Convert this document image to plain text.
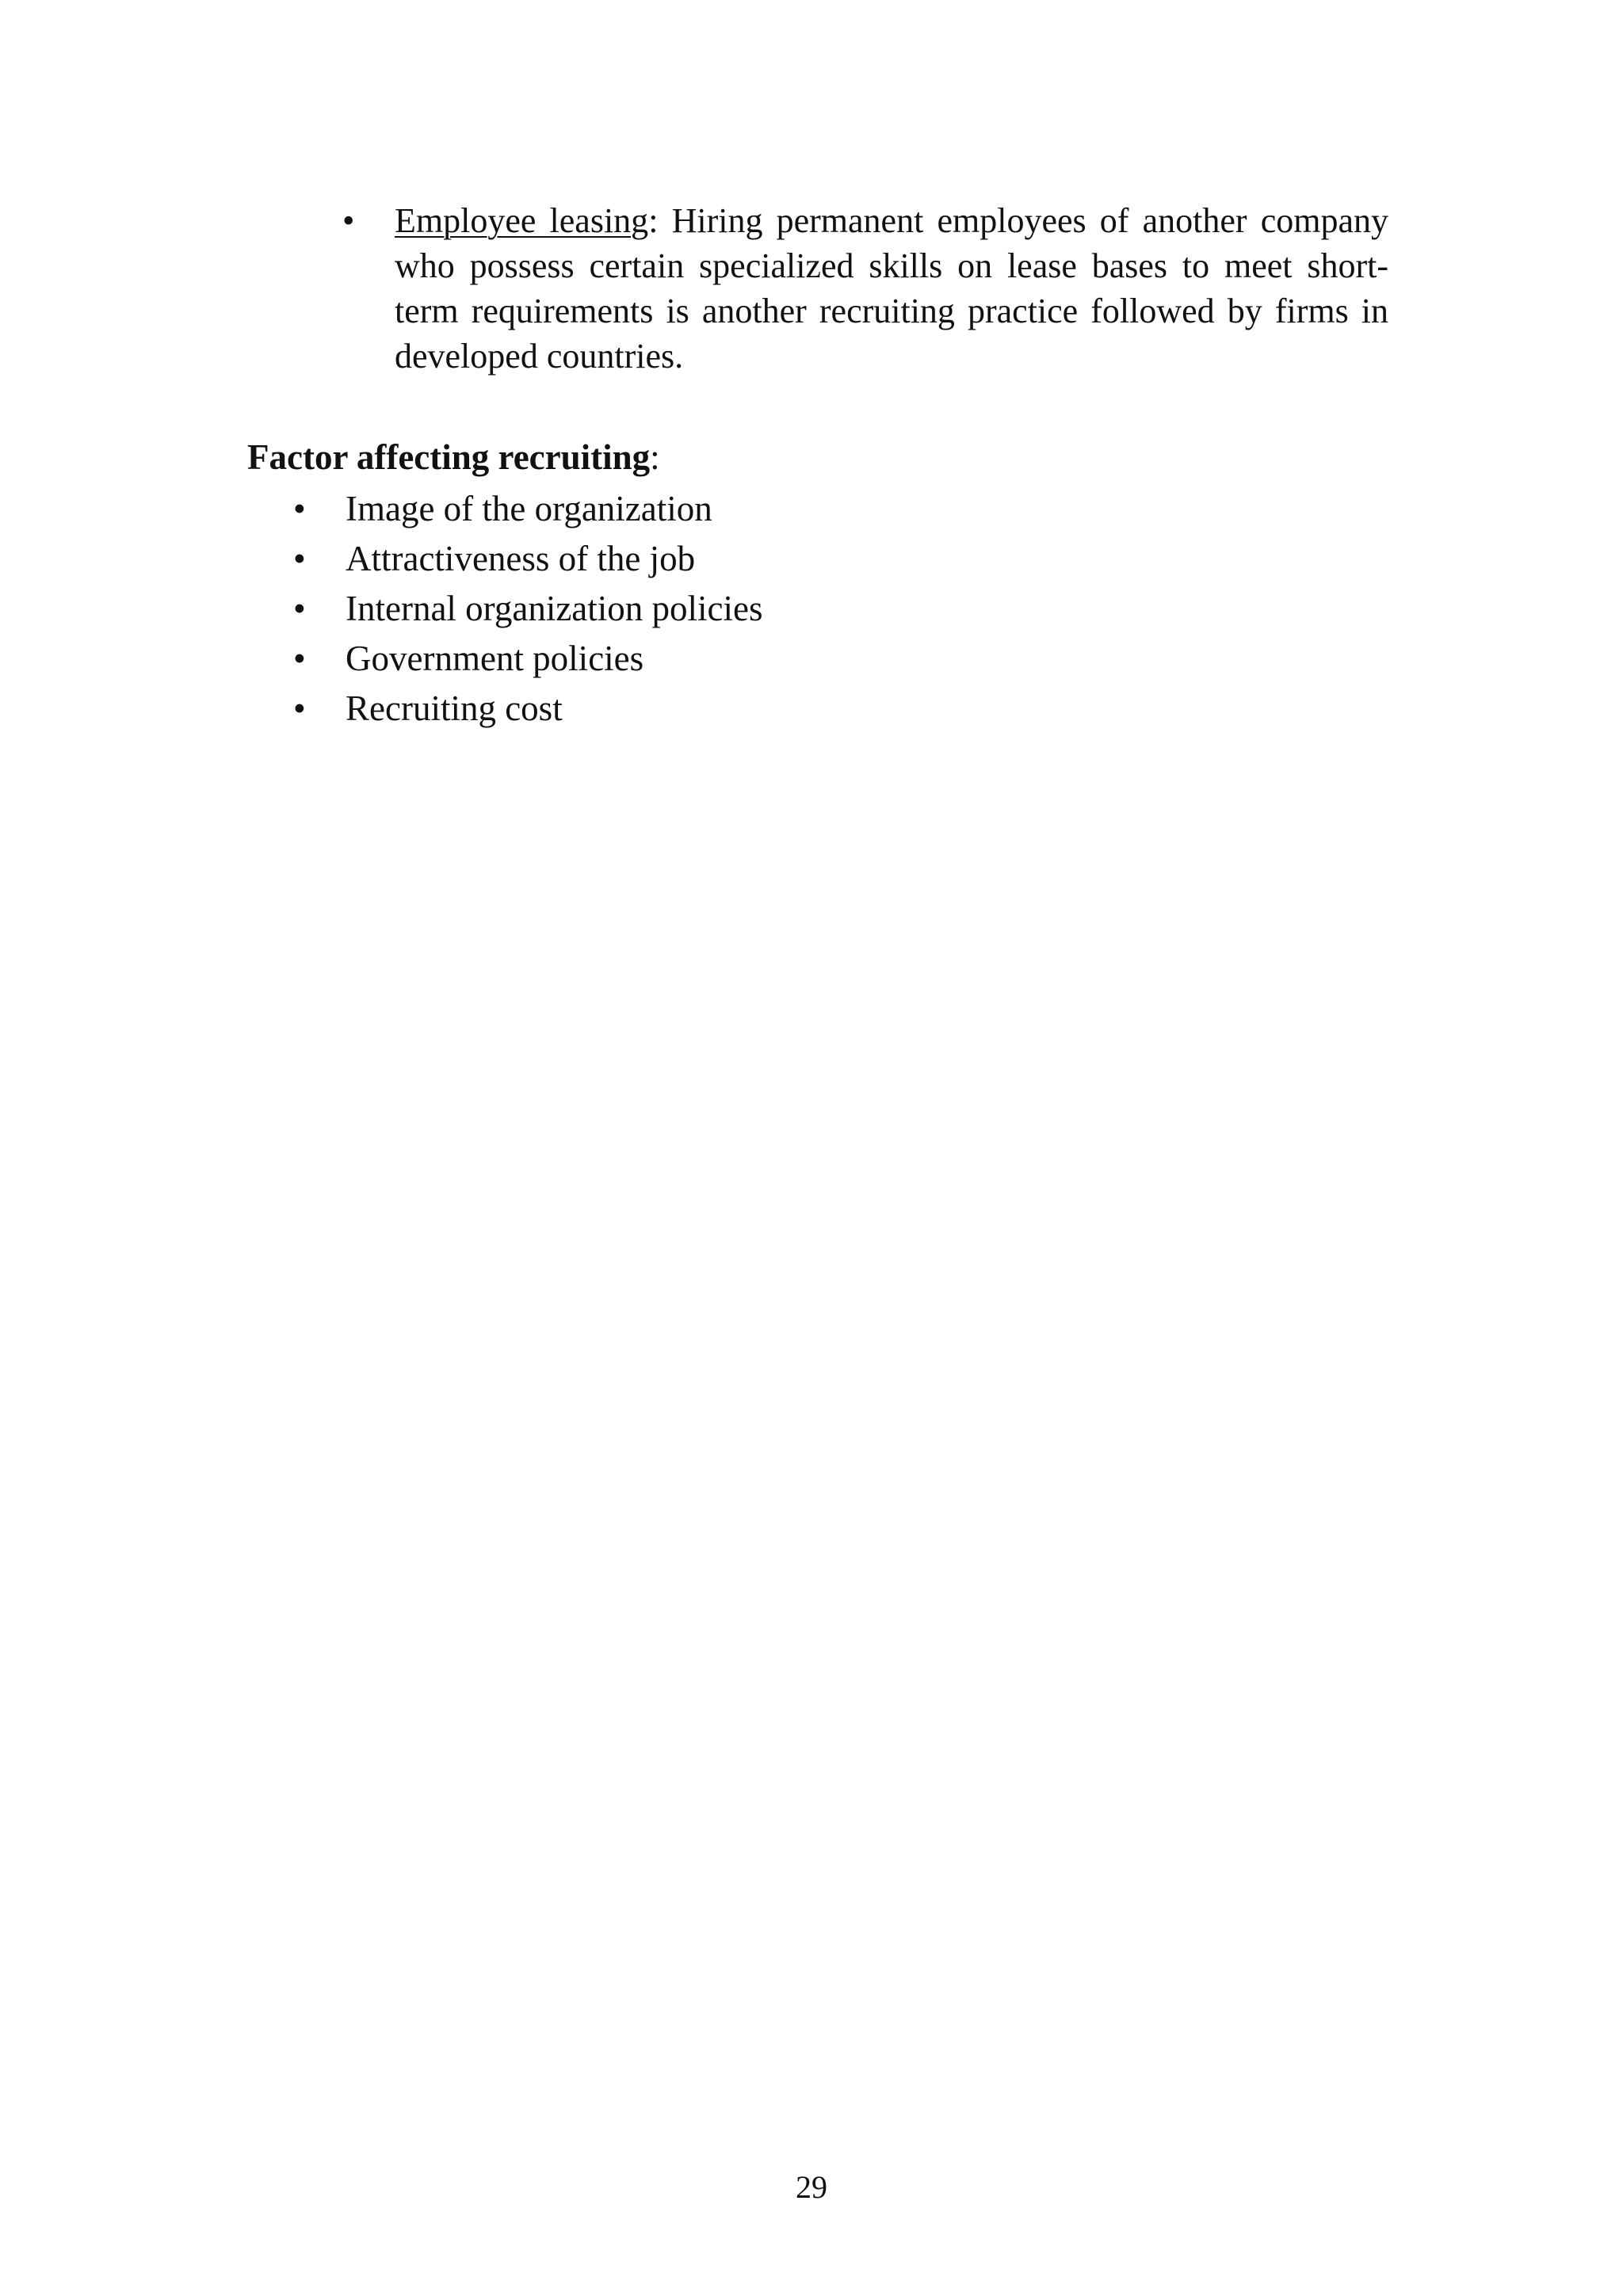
• Employee leasing: Hiring permanent employees of another company who possess certain specialized skills on lease bases to meet short-term requirements is another recruiting practice followed by firms in developed countries.
Factor affecting recruiting:
• Image of the organization
• Attractiveness of the job
• Internal organization policies
• Government policies
• Recruiting cost
29
